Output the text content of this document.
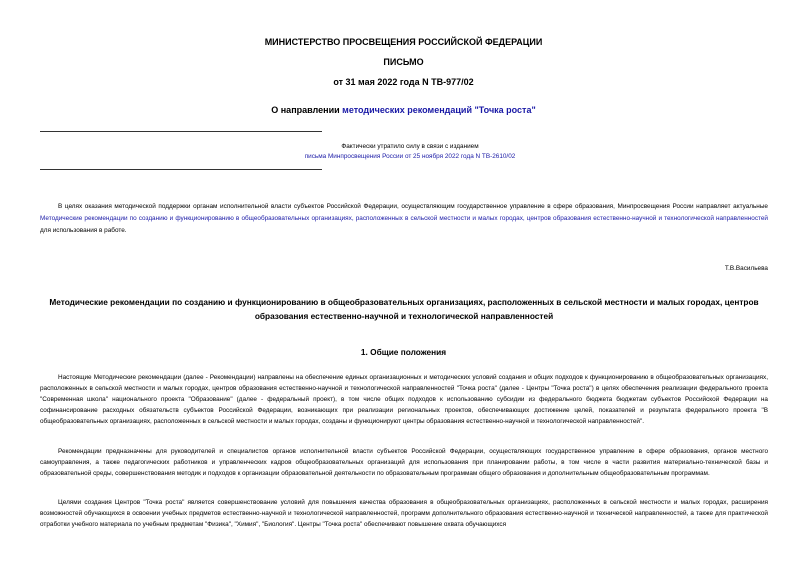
МИНИСТЕРСТВО ПРОСВЕЩЕНИЯ РОССИЙСКОЙ ФЕДЕРАЦИИ
ПИСЬМО
от 31 мая 2022 года N ТВ-977/02
О направлении методических рекомендаций "Точка роста"
Фактически утратило силу в связи с изданием
письма Минпросвещения России от 25 ноября 2022 года N ТВ-2610/02

В целях оказания методической поддержки органам исполнительной власти субъектов Российской Федерации, осуществляющим государственное управление в сфере образования, Минпросвещения России направляет актуальные Методические рекомендации по созданию и функционированию в общеобразовательных организациях, расположенных в сельской местности и малых городах, центров образования естественно-научной и технологической направленностей для использования в работе.

Т.В.Васильева
Методические рекомендации по созданию и функционированию в общеобразовательных организациях, расположенных в сельской местности и малых городах, центров образования естественно-научной и технологической направленностей
1. Общие положения

Настоящие Методические рекомендации (далее - Рекомендации) направлены на обеспечение единых организационных и методических условий создания и общих подходов к функционированию в общеобразовательных организациях, расположенных в сельской местности и малых городах, центров образования естественно-научной и технологической направленностей "Точка роста" (далее - Центры "Точка роста") в целях обеспечения реализации федерального проекта "Современная школа" национального проекта "Образование" (далее - федеральный проект), в том числе общих подходов к использованию субсидии из федерального бюджета бюджетам субъектов Российской Федерации на софинансирование расходных обязательств субъектов Российской Федерации, возникающих при реализации региональных проектов, обеспечивающих достижение целей, показателей и результата федерального проекта "В общеобразовательных организациях, расположенных в сельской местности и малых городах, созданы и функционируют центры образования естественно-научной и технологической направленностей".

Рекомендации предназначены для руководителей и специалистов органов исполнительной власти субъектов Российской Федерации, осуществляющих государственное управление в сфере образования, органов местного самоуправления, а также педагогических работников и управленческих кадров общеобразовательных организаций для использования при планировании работы, в том числе в части развития материально-технической базы и образовательной среды, совершенствования методик и подходов к организации образовательной деятельности по образовательным программам общего образования и дополнительным общеобразовательным программам.

Целями создания Центров "Точка роста" является совершенствование условий для повышения качества образования в общеобразовательных организациях, расположенных в сельской местности и малых городах, расширения возможностей обучающихся в освоении учебных предметов естественно-научной и технологической направленностей, программ дополнительного образования естественно-научной и технической направленностей, а также для практической отработки учебного материала по учебным предметам "Физика", "Химия", "Биология". Центры "Точка роста" обеспечивают повышение охвата обучающихся
